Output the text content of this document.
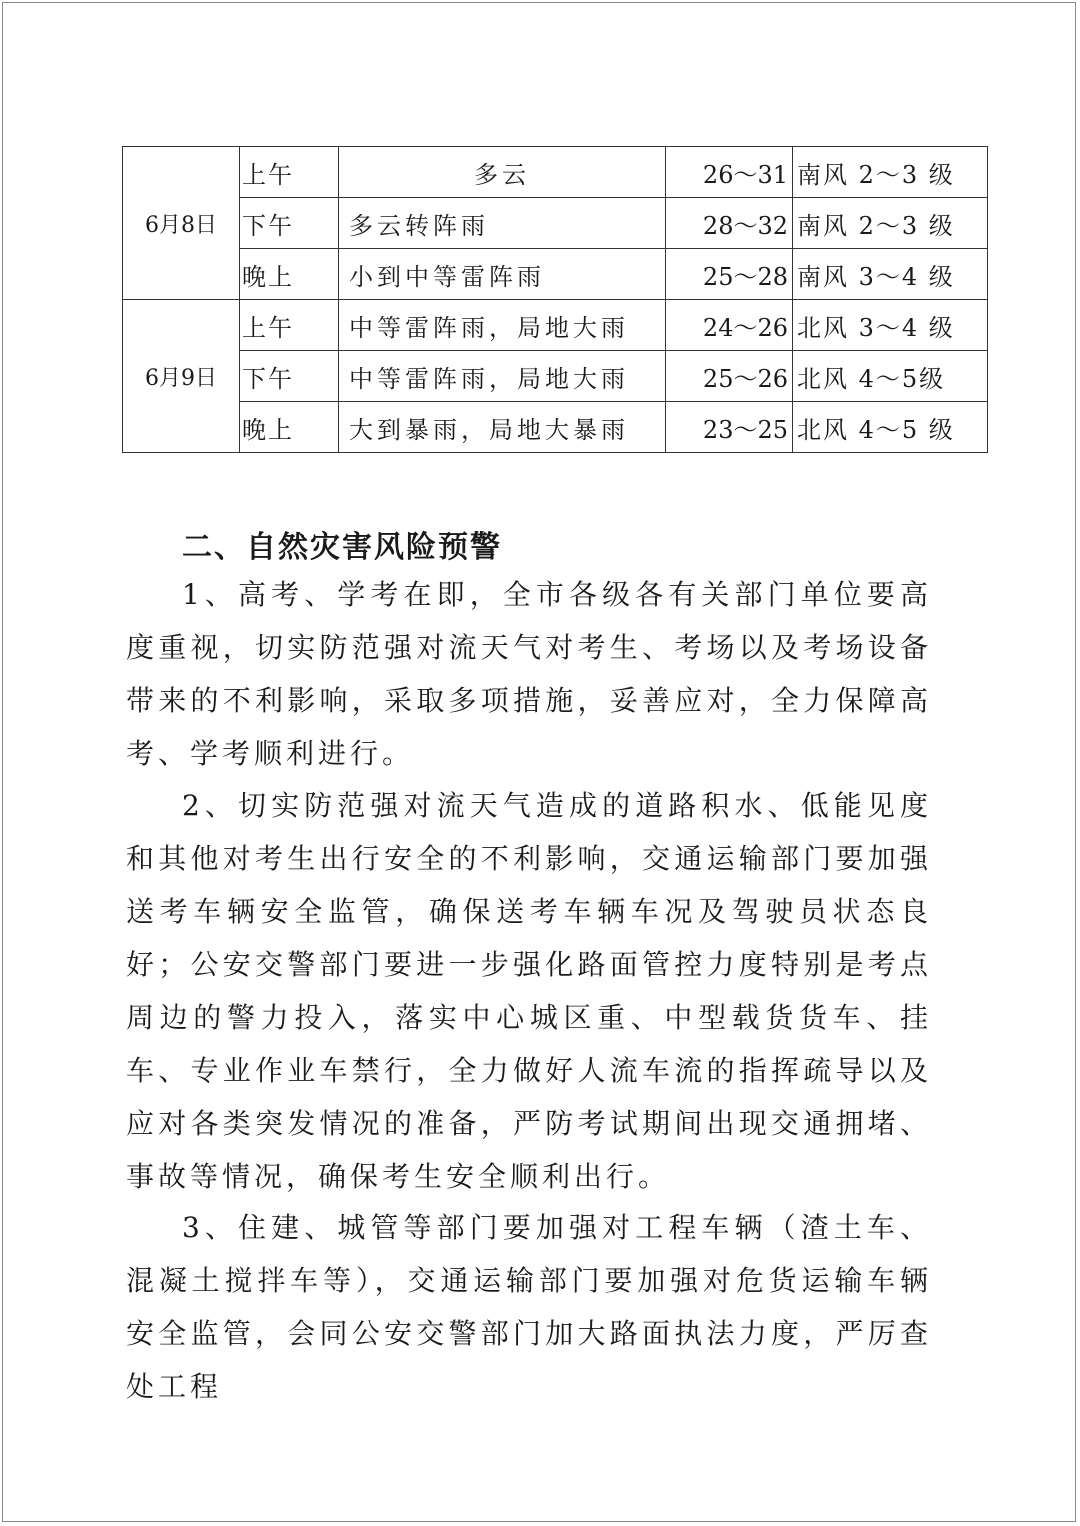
6月8日	上午	多云	26～31	南风 2～3 级
	下午	多云转阵雨	28～32	南风 2～3 级
	晚上	小到中等雷阵雨	25～28	南风 3～4 级
6月9日	上午	中等雷阵雨，局地大雨	24～26	北风 3～4 级
	下午	中等雷阵雨，局地大雨	25～26	北风 4～5级
	晚上	大到暴雨，局地大暴雨	23～25	北风 4～5 级
二、自然灾害风险预警

1、高考、学考在即，全市各级各有关部门单位要高度重视，切实防范强对流天气对考生、考场以及考场设备带来的不利影响，采取多项措施，妥善应对，全力保障高考、学考顺利进行。

2、切实防范强对流天气造成的道路积水、低能见度和其他对考生出行安全的不利影响，交通运输部门要加强送考车辆安全监管，确保送考车辆车况及驾驶员状态良好；公安交警部门要进一步强化路面管控力度特别是考点周边的警力投入，落实中心城区重、中型载货货车、挂车、专业作业车禁行，全力做好人流车流的指挥疏导以及应对各类突发情况的准备，严防考试期间出现交通拥堵、事故等情况，确保考生安全顺利出行。

3、住建、城管等部门要加强对工程车辆（渣土车、混凝土搅拌车等），交通运输部门要加强对危货运输车辆安全监管，会同公安交警部门加大路面执法力度，严厉查处工程
